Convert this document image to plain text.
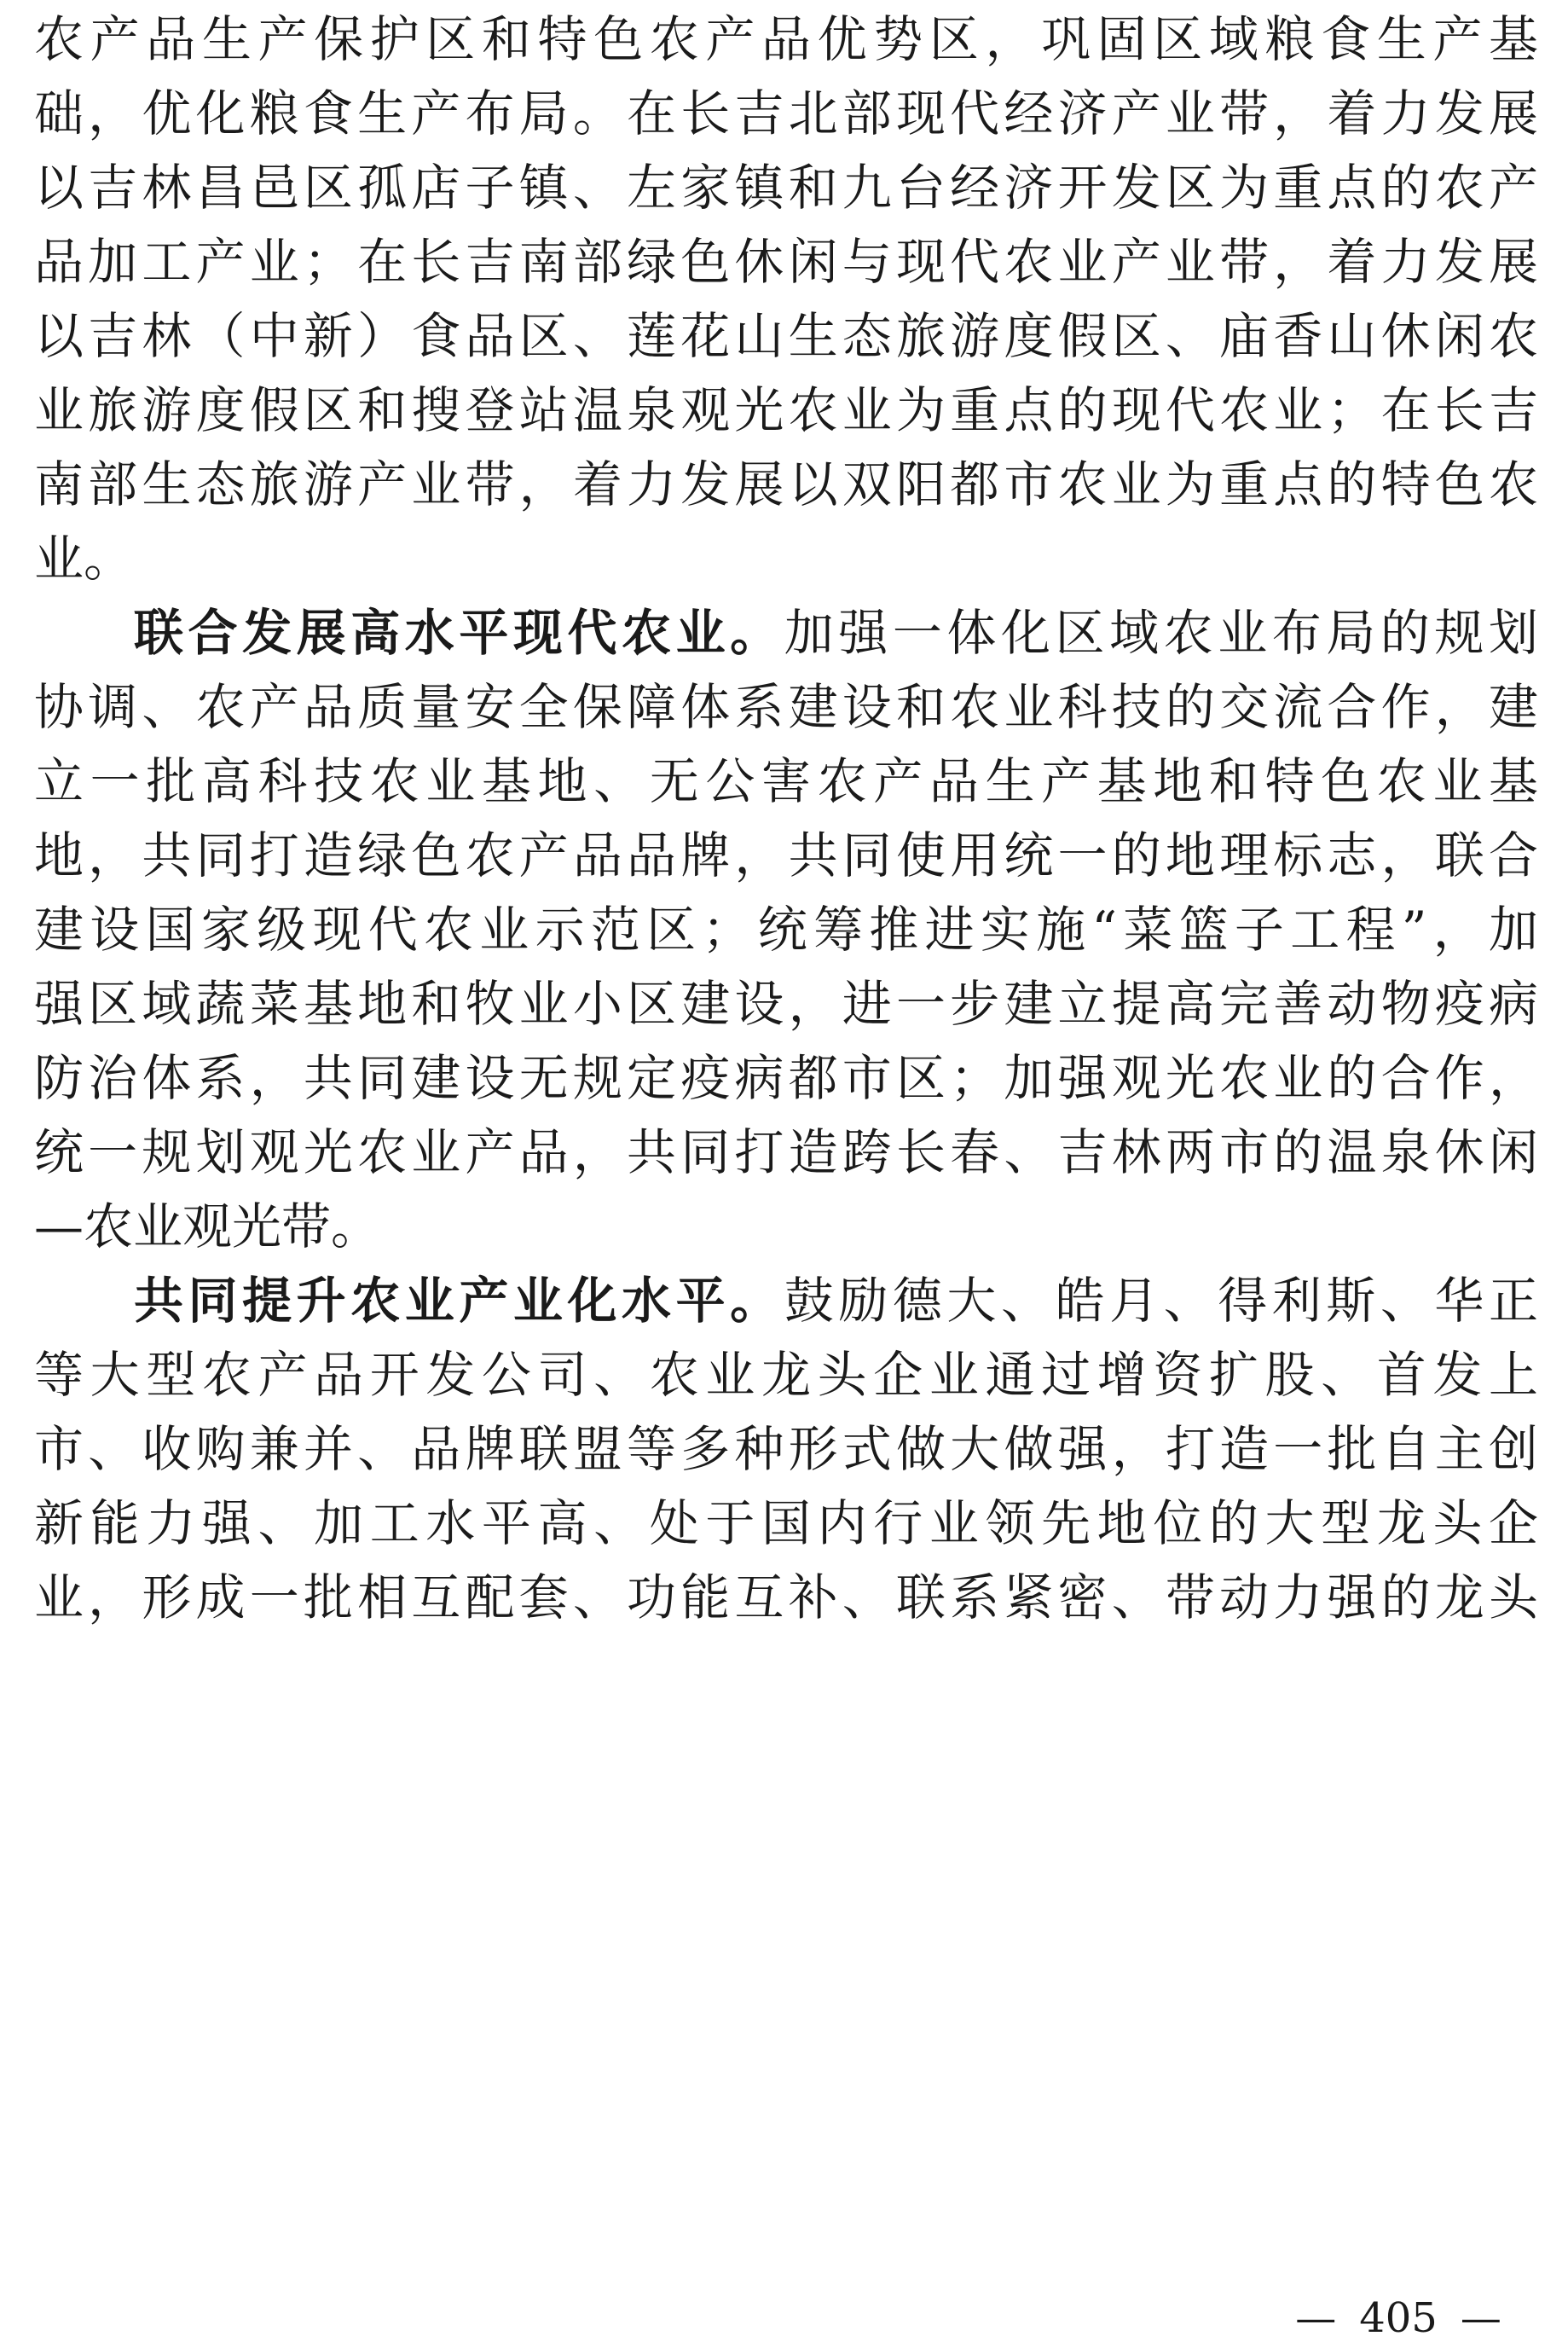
农产品生产保护区和特色农产品优势区，巩固区域粮食生产基
础，优化粮食生产布局。在长吉北部现代经济产业带，着力发展
以吉林昌邑区孤店子镇、左家镇和九台经济开发区为重点的农产
品加工产业；在长吉南部绿色休闲与现代农业产业带，着力发展
以吉林（中新）食品区、莲花山生态旅游度假区、庙香山休闲农
业旅游度假区和搜登站温泉观光农业为重点的现代农业；在长吉
南部生态旅游产业带，着力发展以双阳都市农业为重点的特色农
业。
联合发展高水平现代农业。加强一体化区域农业布局的规划
协调、农产品质量安全保障体系建设和农业科技的交流合作，建
立一批高科技农业基地、无公害农产品生产基地和特色农业基
地，共同打造绿色农产品品牌，共同使用统一的地理标志，联合
建设国家级现代农业示范区；统筹推进实施“菜篮子工程”，加
强区域蔬菜基地和牧业小区建设，进一步建立提高完善动物疫病
防治体系，共同建设无规定疫病都市区；加强观光农业的合作，
统一规划观光农业产品，共同打造跨长春、吉林两市的温泉休闲
—农业观光带。
共同提升农业产业化水平。鼓励德大、皓月、得利斯、华正
等大型农产品开发公司、农业龙头企业通过增资扩股、首发上
市、收购兼并、品牌联盟等多种形式做大做强，打造一批自主创
新能力强、加工水平高、处于国内行业领先地位的大型龙头企
业，形成一批相互配套、功能互补、联系紧密、带动力强的龙头
— 405 —
